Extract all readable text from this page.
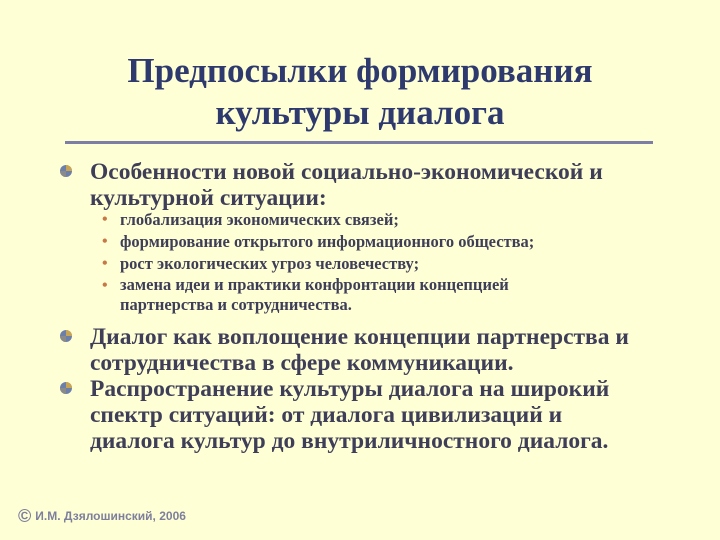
Предпосылки формирования
культуры диалога
Особенности новой социально-экономической и
культурной ситуации:
• глобализация экономических связей;
• формирование открытого информационного общества;
• рост экологических угроз человечеству;
• замена идеи и практики конфронтации концепцией
партнерства и сотрудничества.
Диалог как воплощение концепции партнерства и
сотрудничества в сфере коммуникации.
Распространение культуры диалога на широкий
спектр ситуаций: от диалога цивилизаций и
диалога культур до внутриличностного диалога.
© И.М. Дзялошинский, 2006
